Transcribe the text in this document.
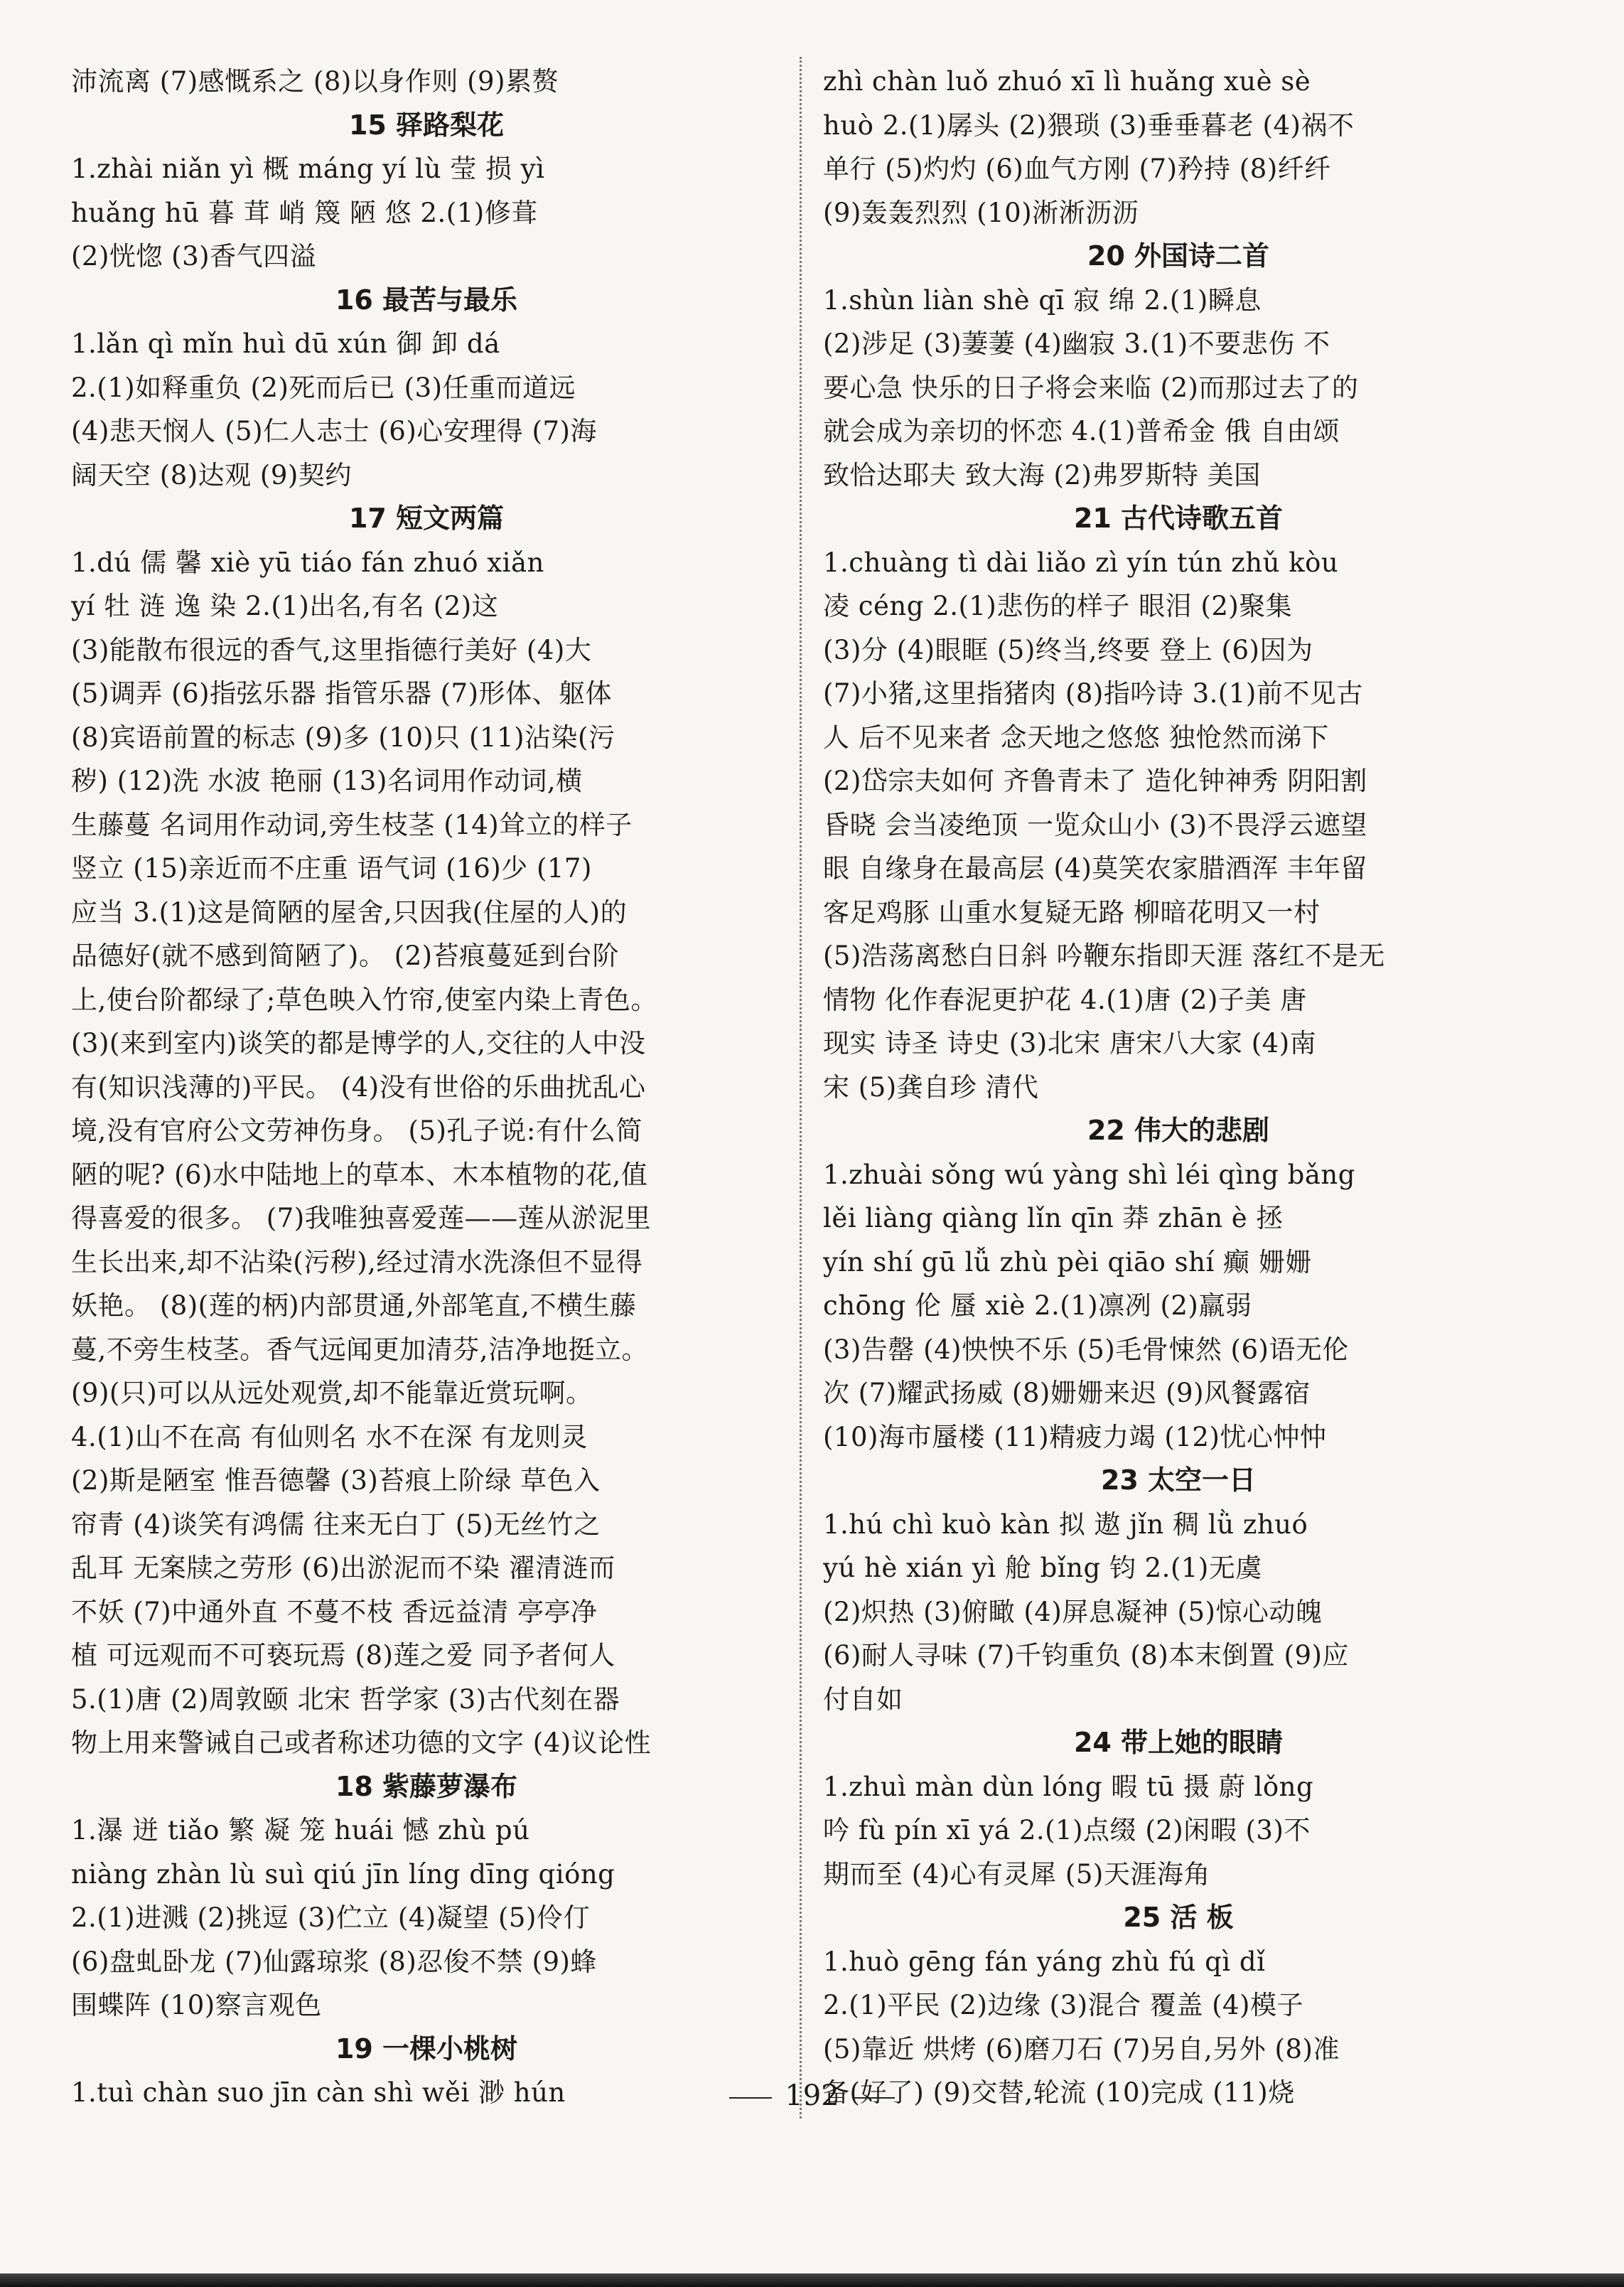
沛流离 (7)感慨系之 (8)以身作则 (9)累赘
15 驿路梨花
1.zhài niǎn yì 概 máng yí lù 莹 损 yì
huǎng hū 暮 茸 峭 篾 陋 悠 2.(1)修葺
(2)恍惚 (3)香气四溢
16 最苦与最乐
1.lǎn qì mǐn huì dū xún 御 卸 dá
2.(1)如释重负 (2)死而后已 (3)任重而道远
(4)悲天悯人 (5)仁人志士 (6)心安理得 (7)海
阔天空 (8)达观 (9)契约
17 短文两篇
1.dú 儒 馨 xiè yū tiáo fán zhuó xiǎn
yí 牡 涟 逸 染 2.(1)出名,有名 (2)这
(3)能散布很远的香气,这里指德行美好 (4)大
(5)调弄 (6)指弦乐器 指管乐器 (7)形体、躯体
(8)宾语前置的标志 (9)多 (10)只 (11)沾染(污
秽) (12)洗 水波 艳丽 (13)名词用作动词,横
生藤蔓 名词用作动词,旁生枝茎 (14)耸立的样子
竖立 (15)亲近而不庄重 语气词 (16)少 (17)
应当 3.(1)这是简陋的屋舍,只因我(住屋的人)的
品德好(就不感到简陋了)。 (2)苔痕蔓延到台阶
上,使台阶都绿了;草色映入竹帘,使室内染上青色。
(3)(来到室内)谈笑的都是博学的人,交往的人中没
有(知识浅薄的)平民。 (4)没有世俗的乐曲扰乱心
境,没有官府公文劳神伤身。 (5)孔子说:有什么简
陋的呢? (6)水中陆地上的草本、木本植物的花,值
得喜爱的很多。 (7)我唯独喜爱莲——莲从淤泥里
生长出来,却不沾染(污秽),经过清水洗涤但不显得
妖艳。 (8)(莲的柄)内部贯通,外部笔直,不横生藤
蔓,不旁生枝茎。香气远闻更加清芬,洁净地挺立。
(9)(只)可以从远处观赏,却不能靠近赏玩啊。
4.(1)山不在高 有仙则名 水不在深 有龙则灵
(2)斯是陋室 惟吾德馨 (3)苔痕上阶绿 草色入
帘青 (4)谈笑有鸿儒 往来无白丁 (5)无丝竹之
乱耳 无案牍之劳形 (6)出淤泥而不染 濯清涟而
不妖 (7)中通外直 不蔓不枝 香远益清 亭亭净
植 可远观而不可亵玩焉 (8)莲之爱 同予者何人
5.(1)唐 (2)周敦颐 北宋 哲学家 (3)古代刻在器
物上用来警诫自己或者称述功德的文字 (4)议论性
18 紫藤萝瀑布
1.瀑 迸 tiǎo 繁 凝 笼 huái 憾 zhù pú
niàng zhàn lù suì qiú jīn líng dīng qióng
2.(1)进溅 (2)挑逗 (3)伫立 (4)凝望 (5)伶仃
(6)盘虬卧龙 (7)仙露琼浆 (8)忍俊不禁 (9)蜂
围蝶阵 (10)察言观色
19 一棵小桃树
1.tuì chàn suo jīn càn shì wěi 渺 hún
zhì chàn luǒ zhuó xī lì huǎng xuè sè
huò 2.(1)孱头 (2)猥琐 (3)垂垂暮老 (4)祸不
单行 (5)灼灼 (6)血气方刚 (7)矜持 (8)纤纤
(9)轰轰烈烈 (10)淅淅沥沥
20 外国诗二首
1.shùn liàn shè qī 寂 绵 2.(1)瞬息
(2)涉足 (3)萋萋 (4)幽寂 3.(1)不要悲伤 不
要心急 快乐的日子将会来临 (2)而那过去了的
就会成为亲切的怀恋 4.(1)普希金 俄 自由颂
致恰达耶夫 致大海 (2)弗罗斯特 美国
21 古代诗歌五首
1.chuàng tì dài liǎo zì yín tún zhǔ kòu
凌 céng 2.(1)悲伤的样子 眼泪 (2)聚集
(3)分 (4)眼眶 (5)终当,终要 登上 (6)因为
(7)小猪,这里指猪肉 (8)指吟诗 3.(1)前不见古
人 后不见来者 念天地之悠悠 独怆然而涕下
(2)岱宗夫如何 齐鲁青未了 造化钟神秀 阴阳割
昏晓 会当凌绝顶 一览众山小 (3)不畏浮云遮望
眼 自缘身在最高层 (4)莫笑农家腊酒浑 丰年留
客足鸡豚 山重水复疑无路 柳暗花明又一村
(5)浩荡离愁白日斜 吟鞭东指即天涯 落红不是无
情物 化作春泥更护花 4.(1)唐 (2)子美 唐
现实 诗圣 诗史 (3)北宋 唐宋八大家 (4)南
宋 (5)龚自珍 清代
22 伟大的悲剧
1.zhuài sǒng wú yàng shì léi qìng bǎng
lěi liàng qiàng lǐn qīn 莽 zhān è 拯
yín shí gū lǚ zhù pèi qiāo shí 癫 姗姗
chōng 伦 蜃 xiè 2.(1)凛冽 (2)羸弱
(3)告罄 (4)怏怏不乐 (5)毛骨悚然 (6)语无伦
次 (7)耀武扬威 (8)姗姗来迟 (9)风餐露宿
(10)海市蜃楼 (11)精疲力竭 (12)忧心忡忡
23 太空一日
1.hú chì kuò kàn 拟 遨 jǐn 稠 lǜ zhuó
yú hè xián yì 舱 bǐng 钧 2.(1)无虞
(2)炽热 (3)俯瞰 (4)屏息凝神 (5)惊心动魄
(6)耐人寻味 (7)千钧重负 (8)本末倒置 (9)应
付自如
24 带上她的眼睛
1.zhuì màn dùn lóng 暇 tū 摄 蔚 lǒng
吟 fù pín xī yá 2.(1)点缀 (2)闲暇 (3)不
期而至 (4)心有灵犀 (5)天涯海角
25 活 板
1.huò gēng fán yáng zhù fú qì dǐ
2.(1)平民 (2)边缘 (3)混合 覆盖 (4)模子
(5)靠近 烘烤 (6)磨刀石 (7)另自,另外 (8)准
备(好了) (9)交替,轮流 (10)完成 (11)烧
192
